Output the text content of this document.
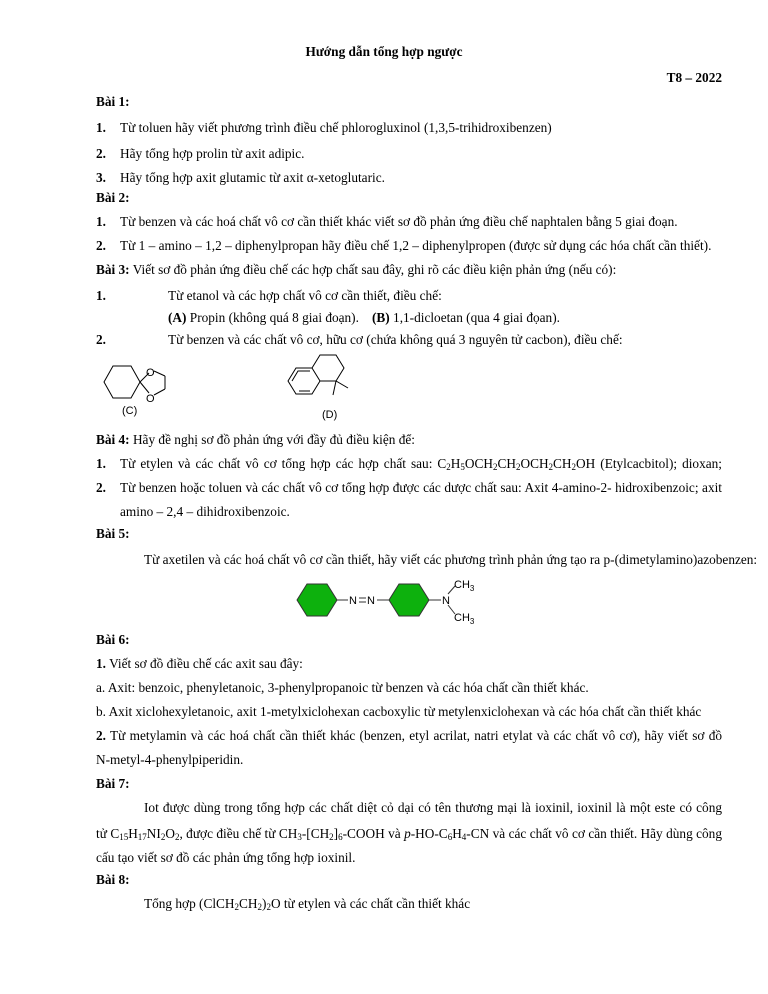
Hướng dẫn tổng hợp ngược
T8 – 2022
Bài 1:
1. Từ toluen hãy viết phương trình điều chế phlorogluxinol (1,3,5-trihidroxibenzen)
2. Hãy tổng hợp prolin từ axit adipic.
3. Hãy tổng hợp axit glutamic từ axit α-xetoglutaric.
Bài 2:
1. Từ benzen và các hoá chất vô cơ cần thiết khác viết sơ đồ phản ứng điều chế naphtalen bằng 5 giai đoạn.
2. Từ 1 – amino – 1,2 – diphenylpropan hãy điều chế 1,2 – diphenylpropen (được sử dụng các hóa chất cần thiết).
Bài 3: Viết sơ đồ phản ứng điều chế các hợp chất sau đây, ghi rõ các điều kiện phản ứng (nếu có):
1.	Từ etanol và các hợp chất vô cơ cần thiết, điều chế:
(A) Propin (không quá 8 giai đoạn). (B) 1,1-dicloetan (qua 4 giai đọan).
2.	Từ benzen và các chất vô cơ, hữu cơ (chứa không quá 3 nguyên tử cacbon), điều chế:
O
O
(C)	(D)
Bài 4: Hãy đề nghị sơ đồ phản ứng với đầy đủ điều kiện để:
1. Từ etylen và các chất vô cơ tổng hợp các hợp chất sau: $C_2H_5OCH_2CH_2OCH_2CH_2OH$ (Etylcacbitol); dioxan;
2. Từ benzen hoặc toluen và các chất vô cơ tổng hợp được các dược chất sau: Axit 4-amino-2- hidroxibenzoic; axit
amino – 2,4 – dihidroxibenzoic.
Bài 5:
Từ axetilen và các hoá chất vô cơ cần thiết, hãy viết các phương trình phản ứng tạo ra p-(dimetylamino)azobenzen:
N N	N
$CH_3$
$CH_3$
Bài 6:
1. Viết sơ đồ điều chế các axit sau đây:
a. Axit: benzoic, phenyletanoic, 3-phenylpropanoic từ benzen và các hóa chất cần thiết khác.
b. Axit xiclohexyletanoic, axit 1-metylxiclohexan cacboxylic từ metylenxiclohexan và các hóa chất cần thiết khác
2. Từ metylamin và các hoá chất cần thiết khác (benzen, etyl acrilat, natri etylat và các chất vô cơ), hãy viết sơ đồ
N-metyl-4-phenylpiperidin.
Bài 7:
Iot được dùng trong tổng hợp các chất diệt cỏ dại có tên thương mại là ioxinil, ioxinil là một este có công
tử $C_{15}H_{17}NI_2O_2$, được điều chế từ $CH_3-[CH_2]_6$-COOH và $p-HO-C_6H_4-CN$ và các chất vô cơ cần thiết. Hãy dùng công
cấu tạo viết sơ đồ các phản ứng tổng hợp ioxinil.
Bài 8:
Tổng hợp $(ClCH_2CH_2)_2O$ từ etylen và các chất cần thiết khác
